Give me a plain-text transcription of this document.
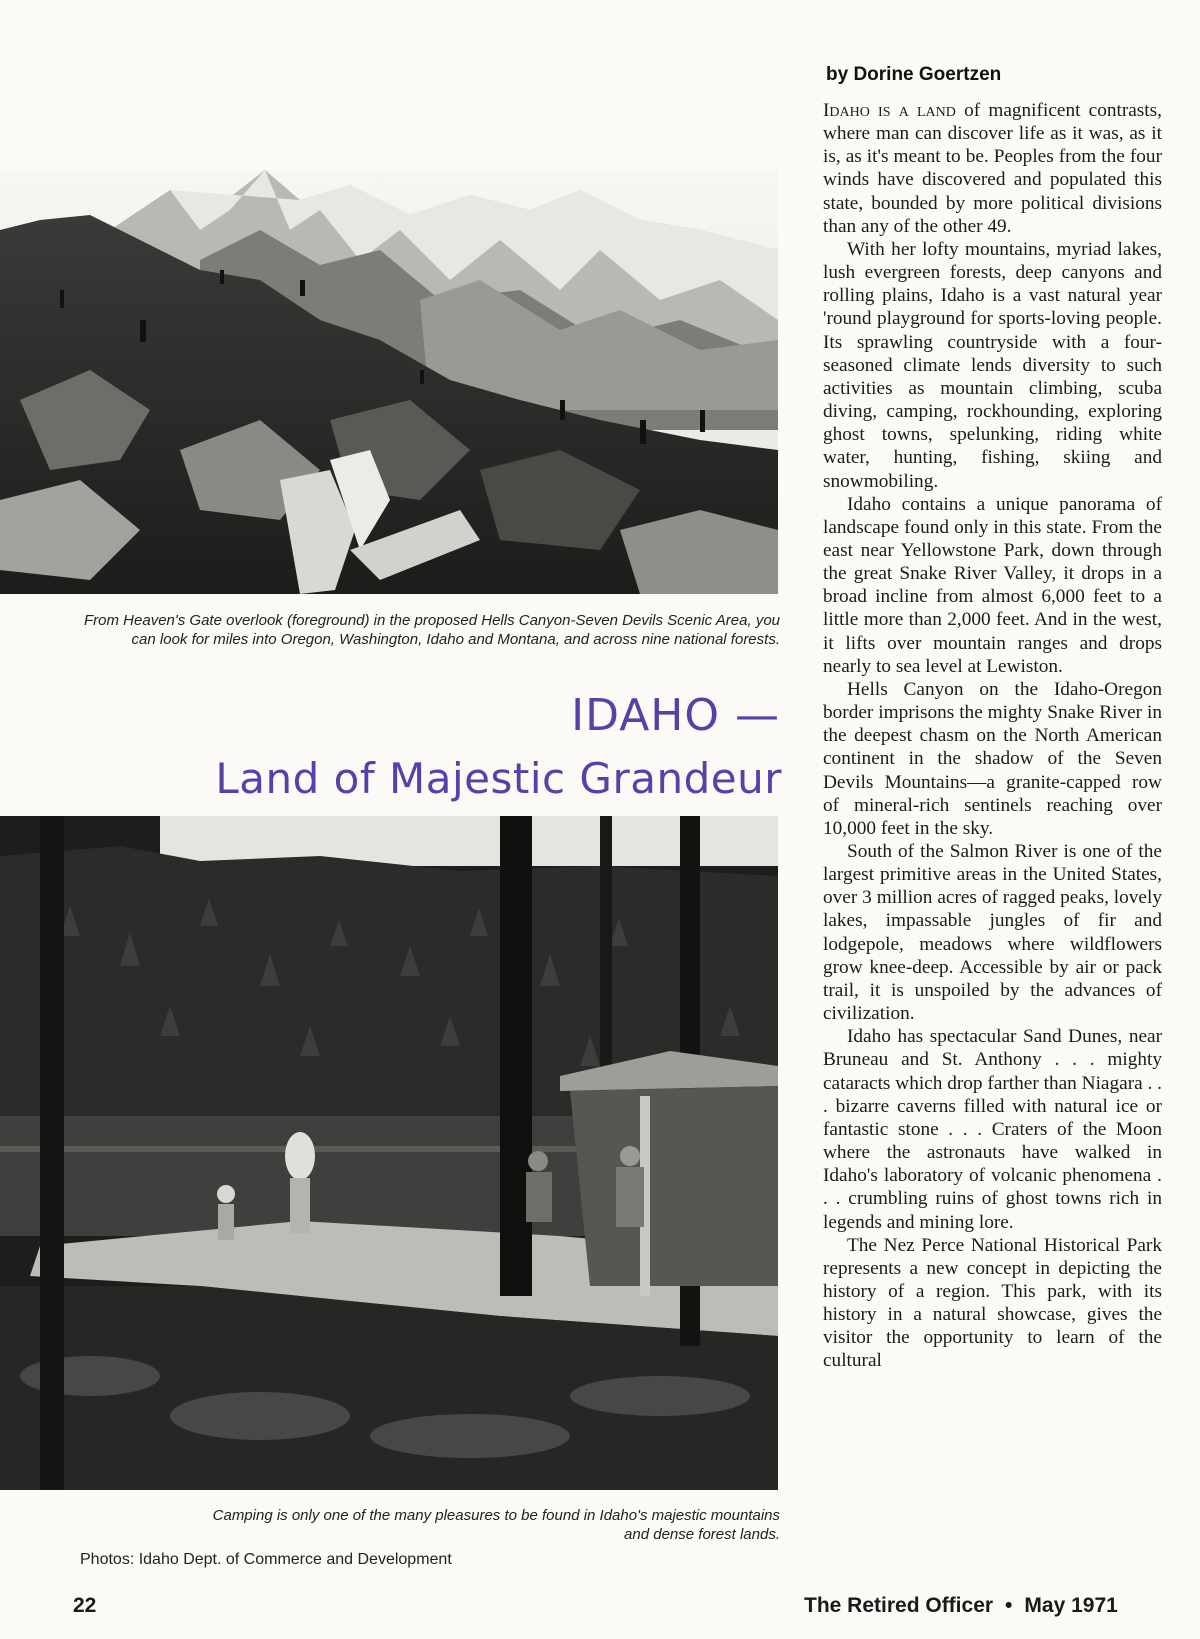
From Heaven's Gate overlook (foreground) in the proposed Hells Canyon-Seven Devils Scenic Area, you can look for miles into Oregon, Washington, Idaho and Montana, and across nine national forests.
IDAHO —
Land of Majestic Grandeur
Camping is only one of the many pleasures to be found in Idaho's majestic mountains and dense forest lands.
Photos: Idaho Dept. of Commerce and Development
by Dorine Goertzen

Idaho is a land of magnificent contrasts, where man can discover life as it was, as it is, as it's meant to be. Peoples from the four winds have discovered and populated this state, bounded by more political divisions than any of the other 49.

With her lofty mountains, myriad lakes, lush evergreen forests, deep canyons and rolling plains, Idaho is a vast natural year 'round playground for sports-loving people. Its sprawling countryside with a four-seasoned climate lends diversity to such activities as mountain climbing, scuba diving, camping, rockhounding, exploring ghost towns, spelunking, riding white water, hunting, fishing, skiing and snowmobiling.

Idaho contains a unique panorama of landscape found only in this state. From the east near Yellowstone Park, down through the great Snake River Valley, it drops in a broad incline from almost 6,000 feet to a little more than 2,000 feet. And in the west, it lifts over mountain ranges and drops nearly to sea level at Lewiston.

Hells Canyon on the Idaho-Oregon border imprisons the mighty Snake River in the deepest chasm on the North American continent in the shadow of the Seven Devils Mountains—a granite-capped row of mineral-rich sentinels reaching over 10,000 feet in the sky.

South of the Salmon River is one of the largest primitive areas in the United States, over 3 million acres of ragged peaks, lovely lakes, impassable jungles of fir and lodgepole, meadows where wildflowers grow knee-deep. Accessible by air or pack trail, it is unspoiled by the advances of civilization.

Idaho has spectacular Sand Dunes, near Bruneau and St. Anthony . . . mighty cataracts which drop farther than Niagara . . . bizarre caverns filled with natural ice or fantastic stone . . . Craters of the Moon where the astronauts have walked in Idaho's laboratory of volcanic phenomena . . . crumbling ruins of ghost towns rich in legends and mining lore.

The Nez Perce National Historical Park represents a new concept in depicting the history of a region. This park, with its history in a natural showcase, gives the visitor the opportunity to learn of the cultural

22	The Retired Officer • May 1971
